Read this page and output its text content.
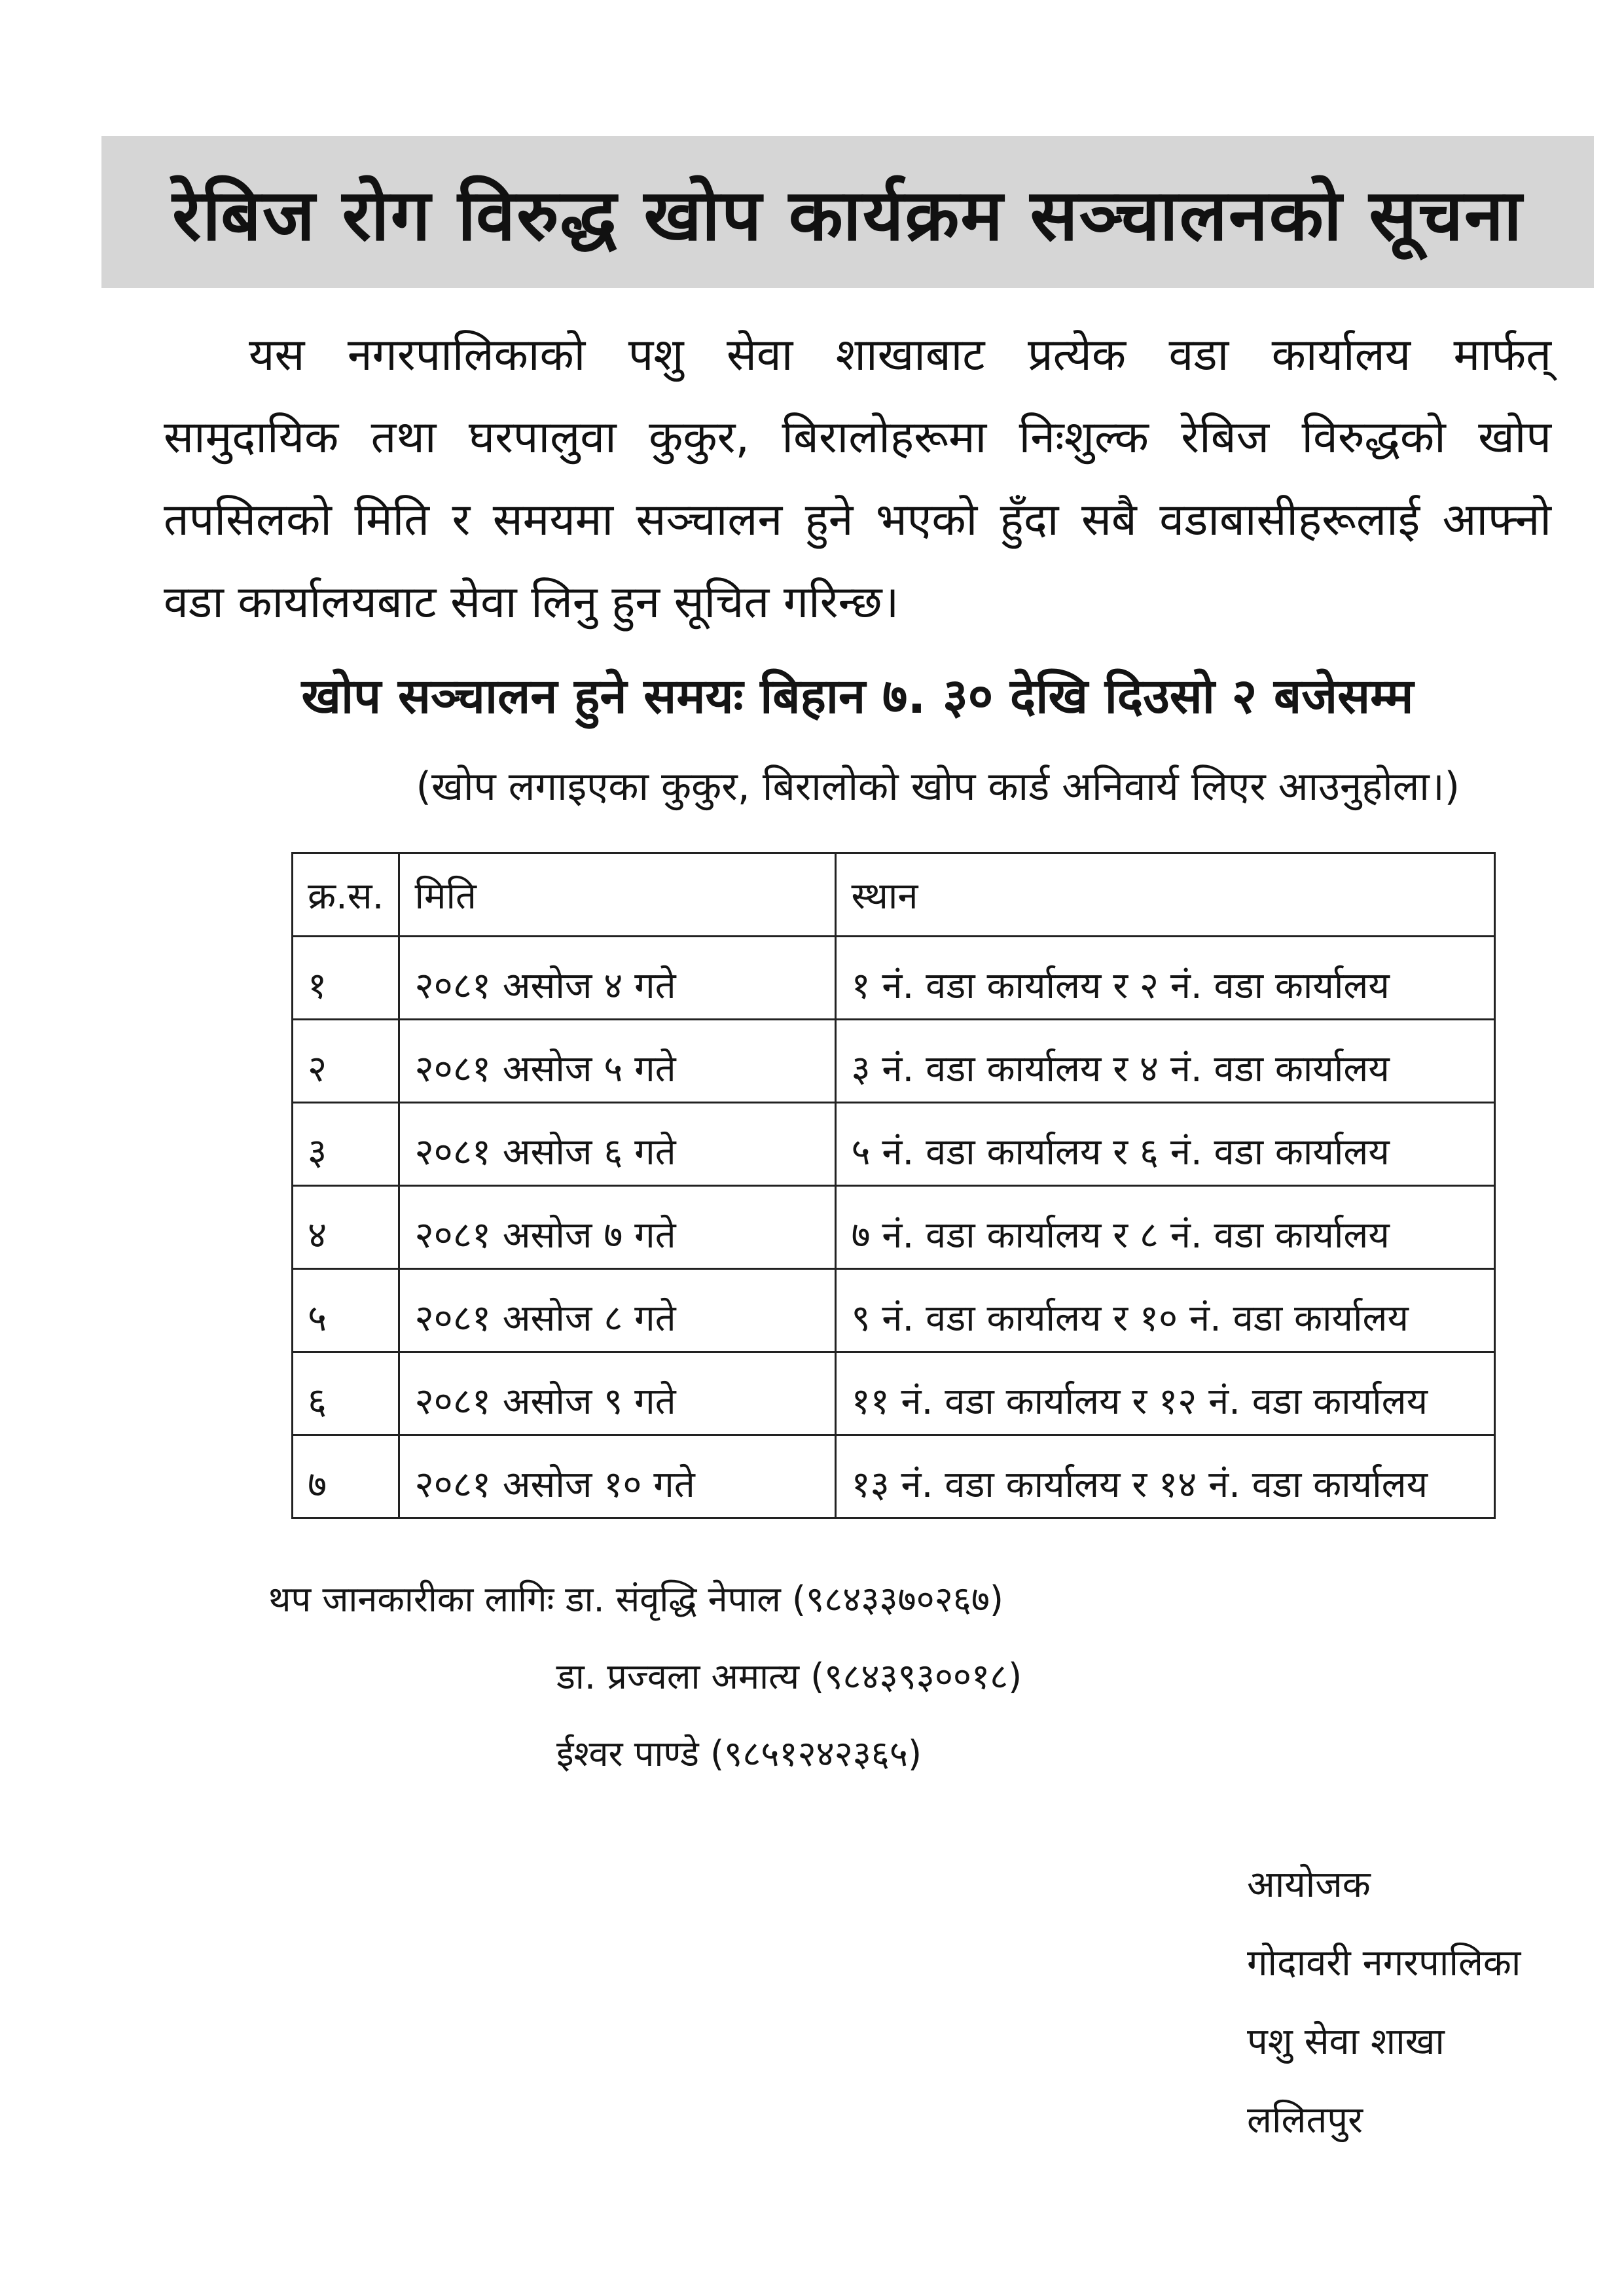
रेबिज रोग विरुद्ध खोप कार्यक्रम सञ्चालनको सूचना
यस नगरपालिकाको पशु सेवा शाखाबाट प्रत्येक वडा कार्यालय मार्फत्
सामुदायिक तथा घरपालुवा कुकुर, बिरालोहरूमा निःशुल्क रेबिज विरुद्धको खोप
तपसिलको मिति र समयमा सञ्चालन हुने भएको हुँदा सबै वडाबासीहरूलाई आफ्नो
वडा कार्यालयबाट सेवा लिनु हुन सूचित गरिन्छ।
खोप सञ्चालन हुने समयः बिहान ७. ३० देखि दिउसो २ बजेसम्म
(खोप लगाइएका कुकुर, बिरालोको खोप कार्ड अनिवार्य लिएर आउनुहोला।)
क्र.स.	मिति	स्थान
१	२०८१ असोज ४ गते	१ नं. वडा कार्यालय र २ नं. वडा कार्यालय
२	२०८१ असोज ५ गते	३ नं. वडा कार्यालय र ४ नं. वडा कार्यालय
३	२०८१ असोज ६ गते	५ नं. वडा कार्यालय र ६ नं. वडा कार्यालय
४	२०८१ असोज ७ गते	७ नं. वडा कार्यालय र ८ नं. वडा कार्यालय
५	२०८१ असोज ८ गते	९ नं. वडा कार्यालय र १० नं. वडा कार्यालय
६	२०८१ असोज ९ गते	११ नं. वडा कार्यालय र १२ नं. वडा कार्यालय
७	२०८१ असोज १० गते	१३ नं. वडा कार्यालय र १४ नं. वडा कार्यालय
थप जानकारीका लागिः डा. संवृद्धि नेपाल (९८४३३७०२६७)
डा. प्रज्वला अमात्य (९८४३९३००१८)
ईश्वर पाण्डे (९८५१२४२३६५)
आयोजक
गोदावरी नगरपालिका
पशु सेवा शाखा
ललितपुर
